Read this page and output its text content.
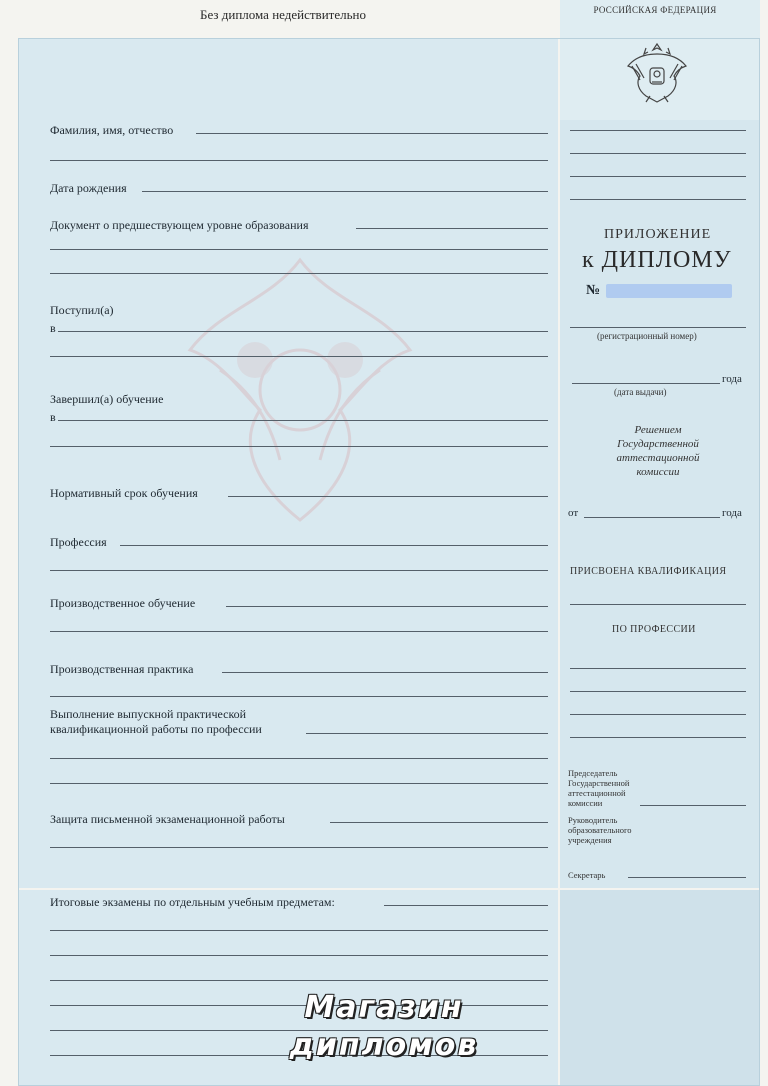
Без диплома недействительно	РОССИЙСКАЯ ФЕДЕРАЦИЯ
Фамилия, имя, отчество
Дата рождения
Документ о предшествующем уровне образования
Поступил(а)
в
Завершил(а) обучение
в
Нормативный срок обучения
Профессия
Производственное обучение
Производственная практика
Выполнение выпускной практической
квалификационной работы по профессии
Защита письменной экзаменационной работы
Итоговые экзамены по отдельным учебным предметам:
ПРИЛОЖЕНИЕ
к ДИПЛОМУ
№
(регистрационный номер)
года
(дата выдачи)
Решением
Государственной
аттестационной
комиссии
от	года
ПРИСВОЕНА КВАЛИФИКАЦИЯ
ПО ПРОФЕССИИ
Председатель
Государственной
аттестационной
комиссии
Руководитель
образовательного
учреждения
Секретарь
Магазин
дипломов
